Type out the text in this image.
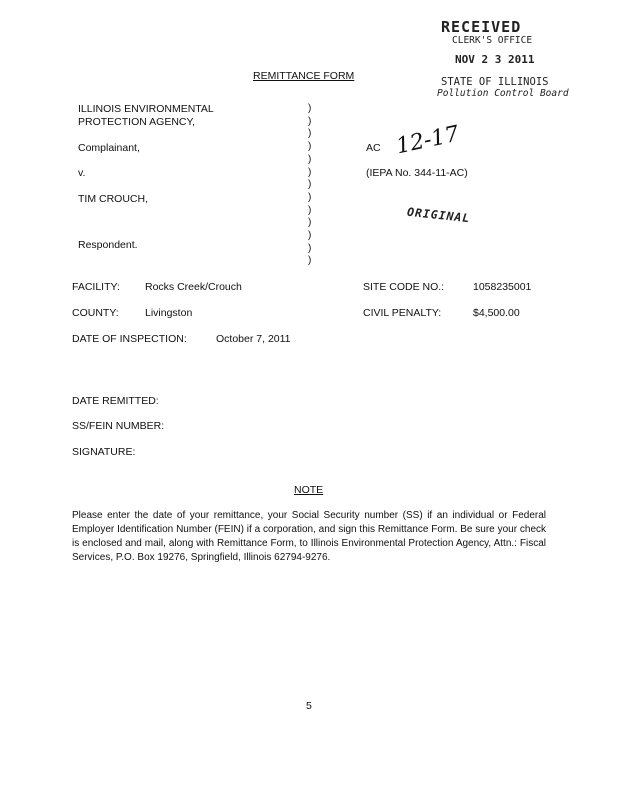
RECEIVED
CLERK'S OFFICE
NOV 2 3 2011
STATE OF ILLINOIS
Pollution Control Board
REMITTANCE FORM
ILLINOIS ENVIRONMENTAL
PROTECTION AGENCY,
Complainant,
v.
TIM CROUCH,
Respondent.
)
)
)
)
)
)
)
)
)
)
)
)
)
AC 12-17
(IEPA No. 344-11-AC)
ORIGINAL
FACILITY: Rocks Creek/Crouch	SITE CODE NO.:	1058235001
COUNTY:	Livingston	CIVIL PENALTY:	$4,500.00
DATE OF INSPECTION:	October 7, 2011
DATE REMITTED:
SS/FEIN NUMBER:
SIGNATURE:
NOTE
Please enter the date of your remittance, your Social Security number (SS) if an individual or Federal Employer Identification Number (FEIN) if a corporation, and sign this Remittance Form. Be sure your check is enclosed and mail, along with Remittance Form, to Illinois Environmental Protection Agency, Attn.: Fiscal Services, P.O. Box 19276, Springfield, Illinois 62794-9276.
5
